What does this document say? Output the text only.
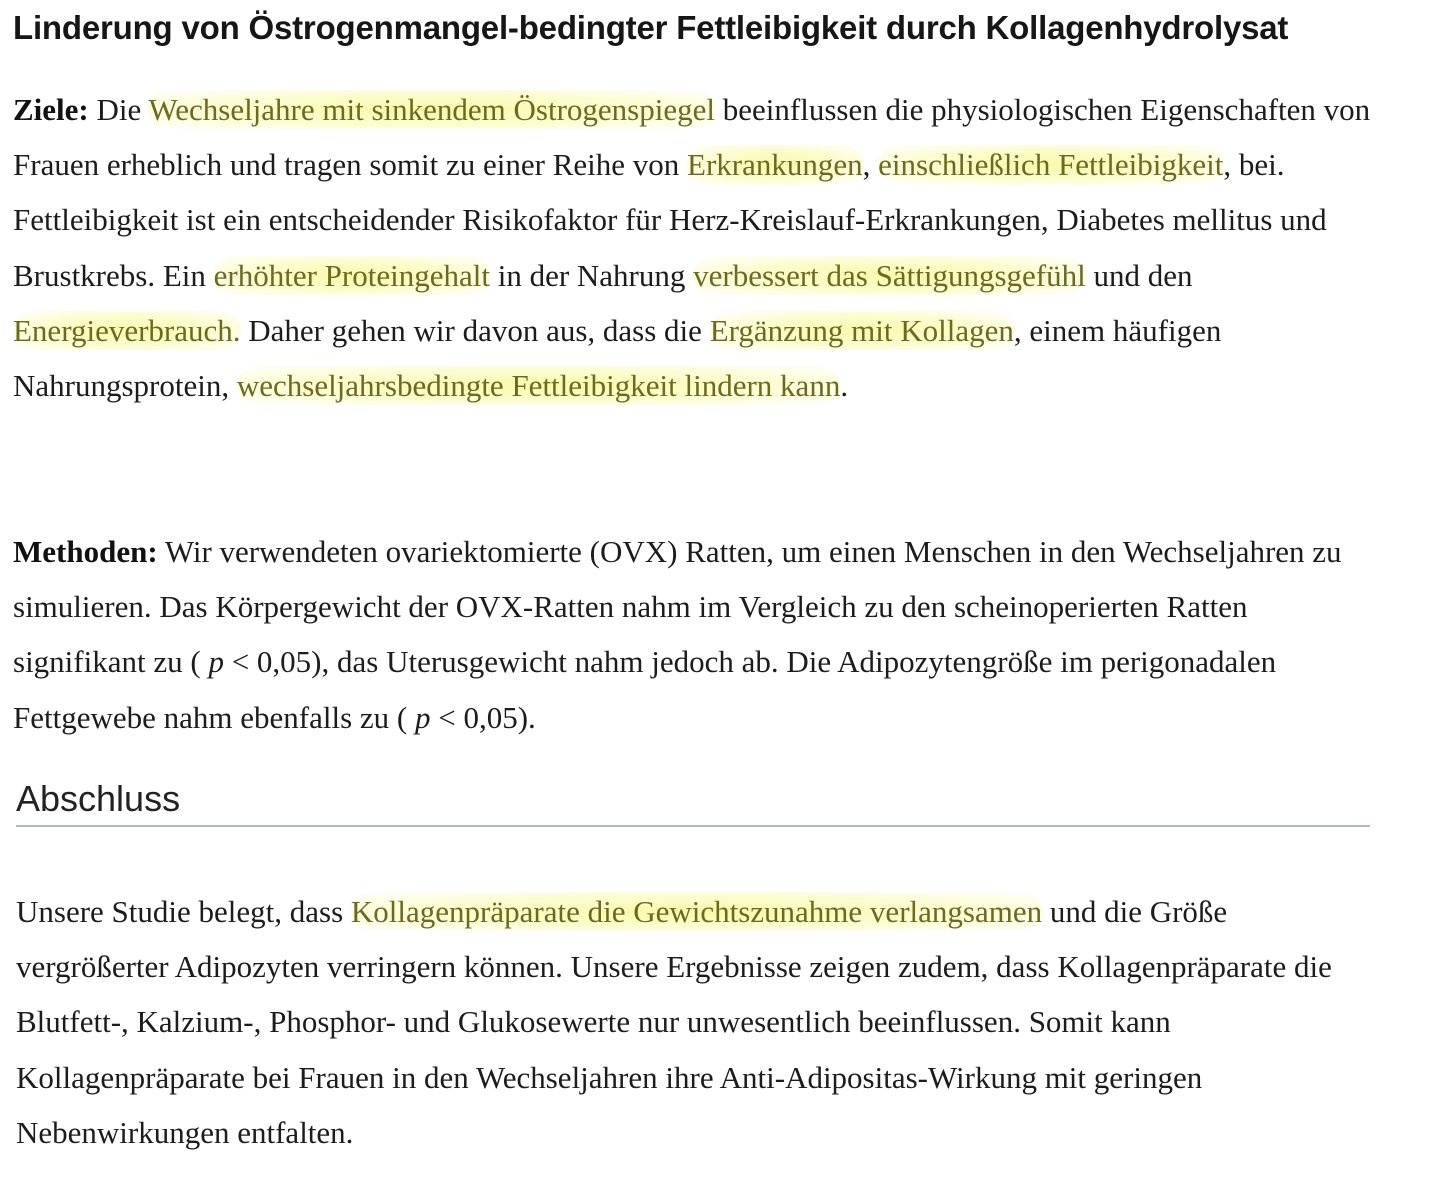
Linderung von Östrogenmangel-bedingter Fettleibigkeit durch Kollagenhydrolysat

Ziele: Die Wechseljahre mit sinkendem Östrogenspiegel beeinflussen die physiologischen Eigenschaften von Frauen erheblich und tragen somit zu einer Reihe von Erkrankungen, einschließlich Fettleibigkeit, bei. Fettleibigkeit ist ein entscheidender Risikofaktor für Herz-Kreislauf-Erkrankungen, Diabetes mellitus und Brustkrebs. Ein erhöhter Proteingehalt in der Nahrung verbessert das Sättigungsgefühl und den Energieverbrauch. Daher gehen wir davon aus, dass die Ergänzung mit Kollagen, einem häufigen Nahrungsprotein, wechseljahrsbedingte Fettleibigkeit lindern kann.

Methoden: Wir verwendeten ovariektomierte (OVX) Ratten, um einen Menschen in den Wechseljahren zu simulieren. Das Körpergewicht der OVX-Ratten nahm im Vergleich zu den scheinoperierten Ratten signifikant zu ( p < 0,05), das Uterusgewicht nahm jedoch ab. Die Adipozytengröße im perigonadalen Fettgewebe nahm ebenfalls zu ( p < 0,05).

Abschluss

Unsere Studie belegt, dass Kollagenpräparate die Gewichtszunahme verlangsamen und die Größe vergrößerter Adipozyten verringern können. Unsere Ergebnisse zeigen zudem, dass Kollagenpräparate die Blutfett-, Kalzium-, Phosphor- und Glukosewerte nur unwesentlich beeinflussen. Somit kann Kollagenpräparate bei Frauen in den Wechseljahren ihre Anti-Adipositas-Wirkung mit geringen Nebenwirkungen entfalten.
